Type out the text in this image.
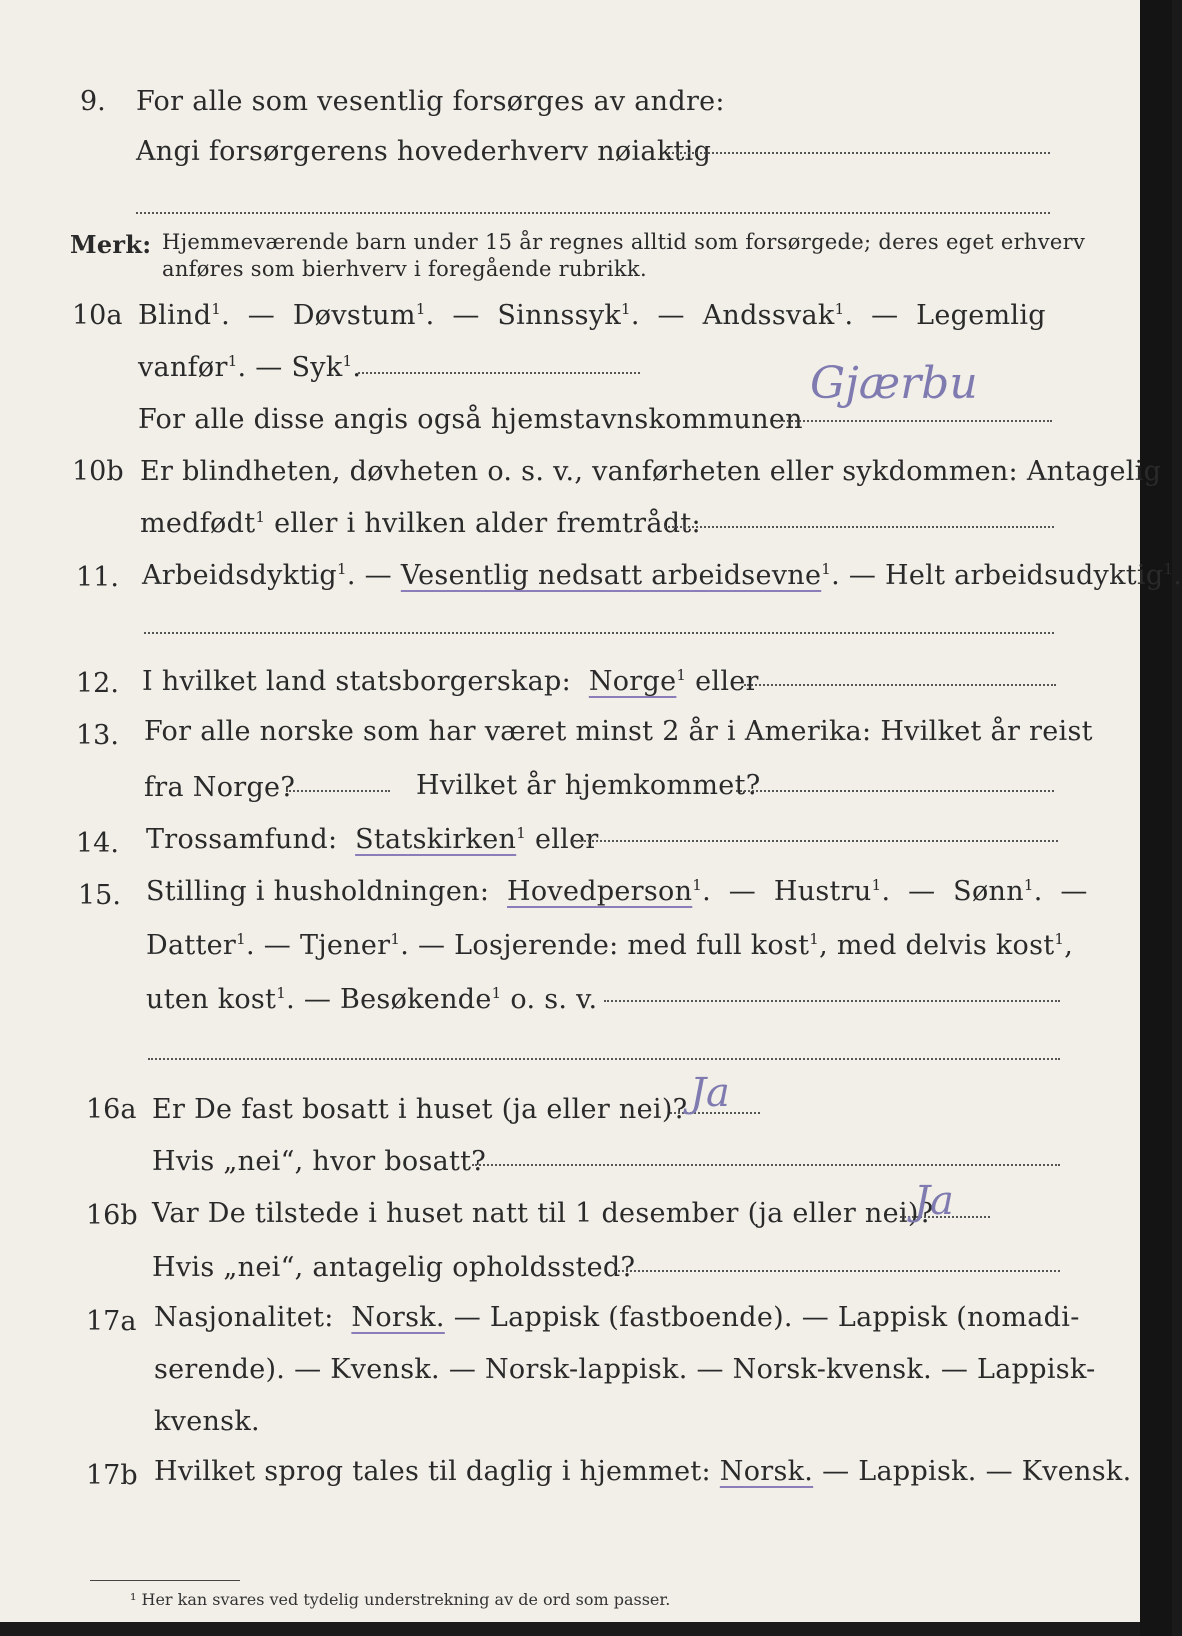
9. For alle som vesentlig forsørges av andre:
Angi forsørgerens hovederhverv nøiaktig
Merk: Hjemmeværende barn under 15 år regnes alltid som forsørgede; deres eget erhverv
anføres som bierhverv i foregående rubrikk.
10a Blind$^1$.  —  Døvstum$^1$.  —  Sinnssyk$^1$.  —  Andssvak$^1$.  —  Legemlig
vanfør$^1$. — Syk$^1$.
For alle disse angis også hjemstavnskommunen
Gjærbu
10b Er blindheten, døvheten o. s. v., vanførheten eller sykdommen: Antagelig
medfødt$^1$ eller i hvilken alder fremtrådt:
11. Arbeidsdyktig$^1$. — Vesentlig nedsatt arbeidsevne$^1$. — Helt arbeidsudyktig$^1$.
12. I hvilket land statsborgerskap: Norge$^1$ eller
13. For alle norske som har været minst 2 år i Amerika: Hvilket år reist
fra Norge?	Hvilket år hjemkommet?
14. Trossamfund: Statskirken$^1$ eller
15. Stilling i husholdningen: Hovedperson$^1$.  —  Hustru$^1$.  —  Sønn$^1$.  —
Datter$^1$. — Tjener$^1$. — Losjerende: med full kost$^1$, med delvis kost$^1$,
uten kost$^1$. — Besøkende$^1$ o. s. v.
16a Er De fast bosatt i huset (ja eller nei)? Ja
Hvis „nei“, hvor bosatt?
16b Var De tilstede i huset natt til 1 desember (ja eller nei)?
Ja
Hvis „nei“, antagelig opholdssted?
17a Nasjonalitet: Norsk. — Lappisk (fastboende). — Lappisk (nomadi-
serende). — Kvensk. — Norsk-lappisk. — Norsk-kvensk. — Lappisk-
kvensk.
17b Hvilket sprog tales til daglig i hjemmet: Norsk. — Lappisk. — Kvensk.
¹ Her kan svares ved tydelig understrekning av de ord som passer.
